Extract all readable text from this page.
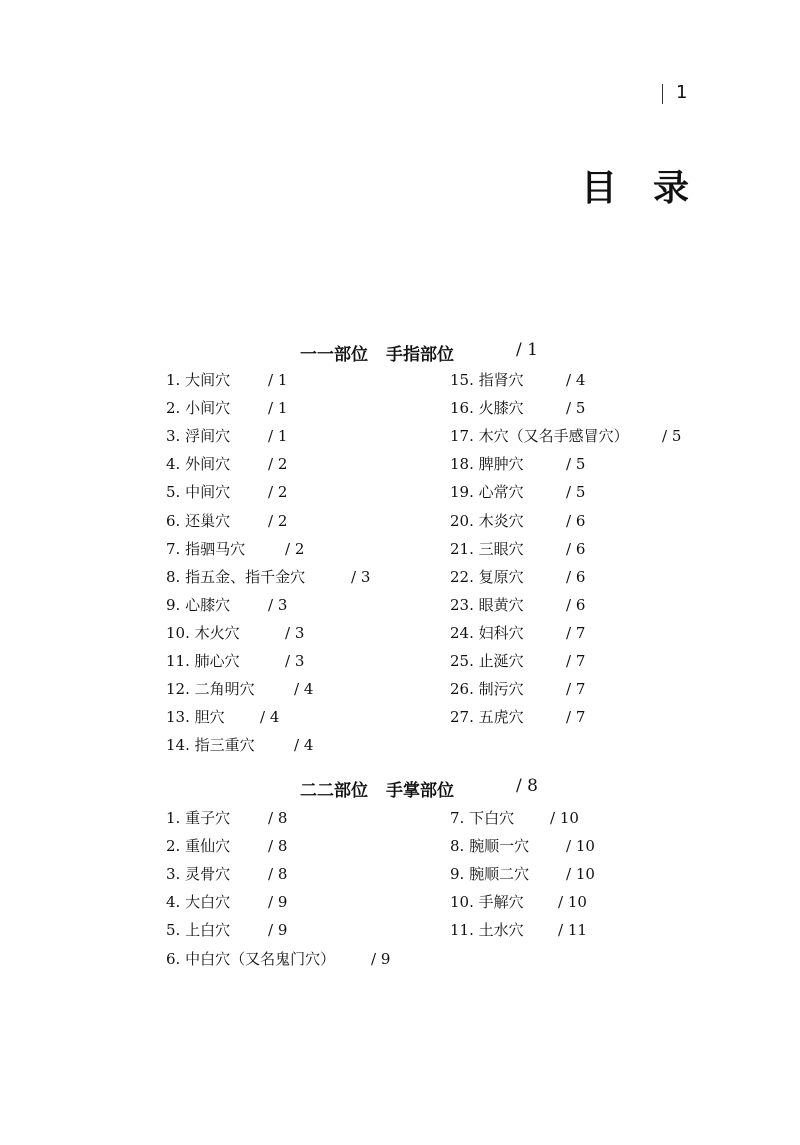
1
目录
一一部位 手指部位	/ 1
1. 大间穴	/ 1
2. 小间穴	/ 1
3. 浮间穴	/ 1
4. 外间穴	/ 2
5. 中间穴	/ 2
6. 还巢穴	/ 2
7. 指驷马穴	/ 2
8. 指五金、指千金穴	/ 3
9. 心膝穴	/ 3
10. 木火穴	/ 3
11. 肺心穴	/ 3
12. 二角明穴	/ 4
13. 胆穴 / 4
14. 指三重穴	/ 4
15. 指肾穴	/ 4
16. 火膝穴	/ 5
17. 木穴（又名手感冒穴） / 5
18. 脾肿穴	/ 5
19. 心常穴	/ 5
20. 木炎穴	/ 6
21. 三眼穴	/ 6
22. 复原穴	/ 6
23. 眼黄穴	/ 6
24. 妇科穴	/ 7
25. 止涎穴	/ 7
26. 制污穴	/ 7
27. 五虎穴	/ 7
二二部位 手掌部位	/ 8
1. 重子穴	/ 8
2. 重仙穴	/ 8
3. 灵骨穴	/ 8
4. 大白穴	/ 9
5. 上白穴	/ 9
6. 中白穴（又名鬼门穴） / 9
7. 下白穴 / 10
8. 腕顺一穴 / 10
9. 腕顺二穴 / 10
10. 手解穴 / 10
11. 土水穴 / 11
